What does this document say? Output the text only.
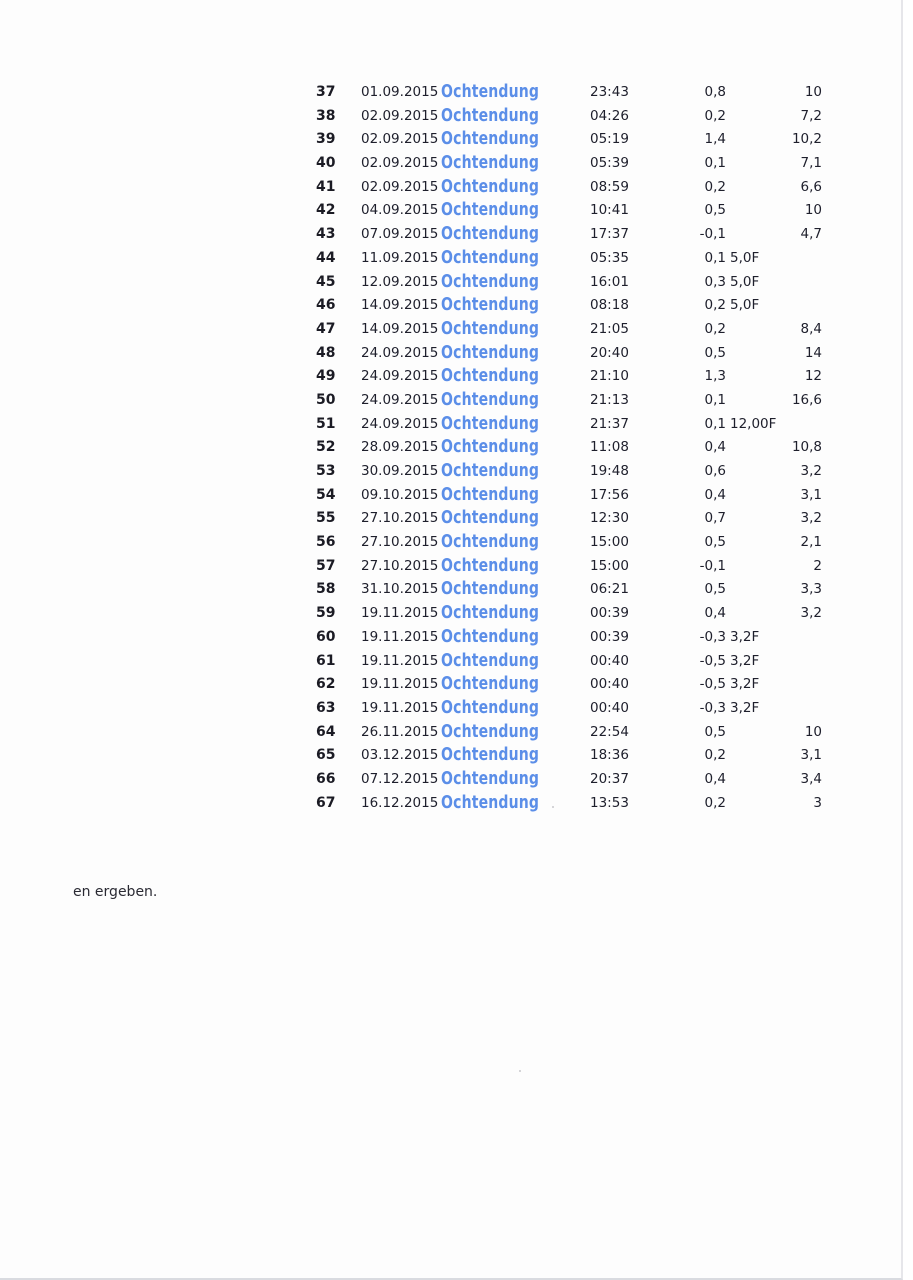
37 01.09.2015 Ochtendung	23:43	0,8	10
38 02.09.2015 Ochtendung	04:26	0,2	7,2
39 02.09.2015 Ochtendung	05:19	1,4	10,2
40 02.09.2015 Ochtendung	05:39	0,1	7,1
41 02.09.2015 Ochtendung	08:59	0,2	6,6
42 04.09.2015 Ochtendung	10:41	0,5	10
43 07.09.2015 Ochtendung	17:37	-0,1	4,7
44 11.09.2015 Ochtendung	05:35	0,1 5,0F
45 12.09.2015 Ochtendung	16:01	0,3 5,0F
46 14.09.2015 Ochtendung	08:18	0,2 5,0F
47 14.09.2015 Ochtendung	21:05	0,2	8,4
48 24.09.2015 Ochtendung	20:40	0,5	14
49 24.09.2015 Ochtendung	21:10	1,3	12
50 24.09.2015 Ochtendung	21:13	0,1	16,6
51 24.09.2015 Ochtendung	21:37	0,1 12,00F
52 28.09.2015 Ochtendung	11:08	0,4	10,8
53 30.09.2015 Ochtendung	19:48	0,6	3,2
54 09.10.2015 Ochtendung	17:56	0,4	3,1
55 27.10.2015 Ochtendung	12:30	0,7	3,2
56 27.10.2015 Ochtendung	15:00	0,5	2,1
57 27.10.2015 Ochtendung	15:00	-0,1	2
58 31.10.2015 Ochtendung	06:21	0,5	3,3
59 19.11.2015 Ochtendung	00:39	0,4	3,2
60 19.11.2015 Ochtendung	00:39	-0,3 3,2F
61 19.11.2015 Ochtendung	00:40	-0,5 3,2F
62 19.11.2015 Ochtendung	00:40	-0,5 3,2F
63 19.11.2015 Ochtendung	00:40	-0,3 3,2F
64 26.11.2015 Ochtendung	22:54	0,5	10
65 03.12.2015 Ochtendung	18:36	0,2	3,1
66 07.12.2015 Ochtendung	20:37	0,4	3,4
67 16.12.2015 Ochtendung	13:53	0,2	3
en ergeben.
